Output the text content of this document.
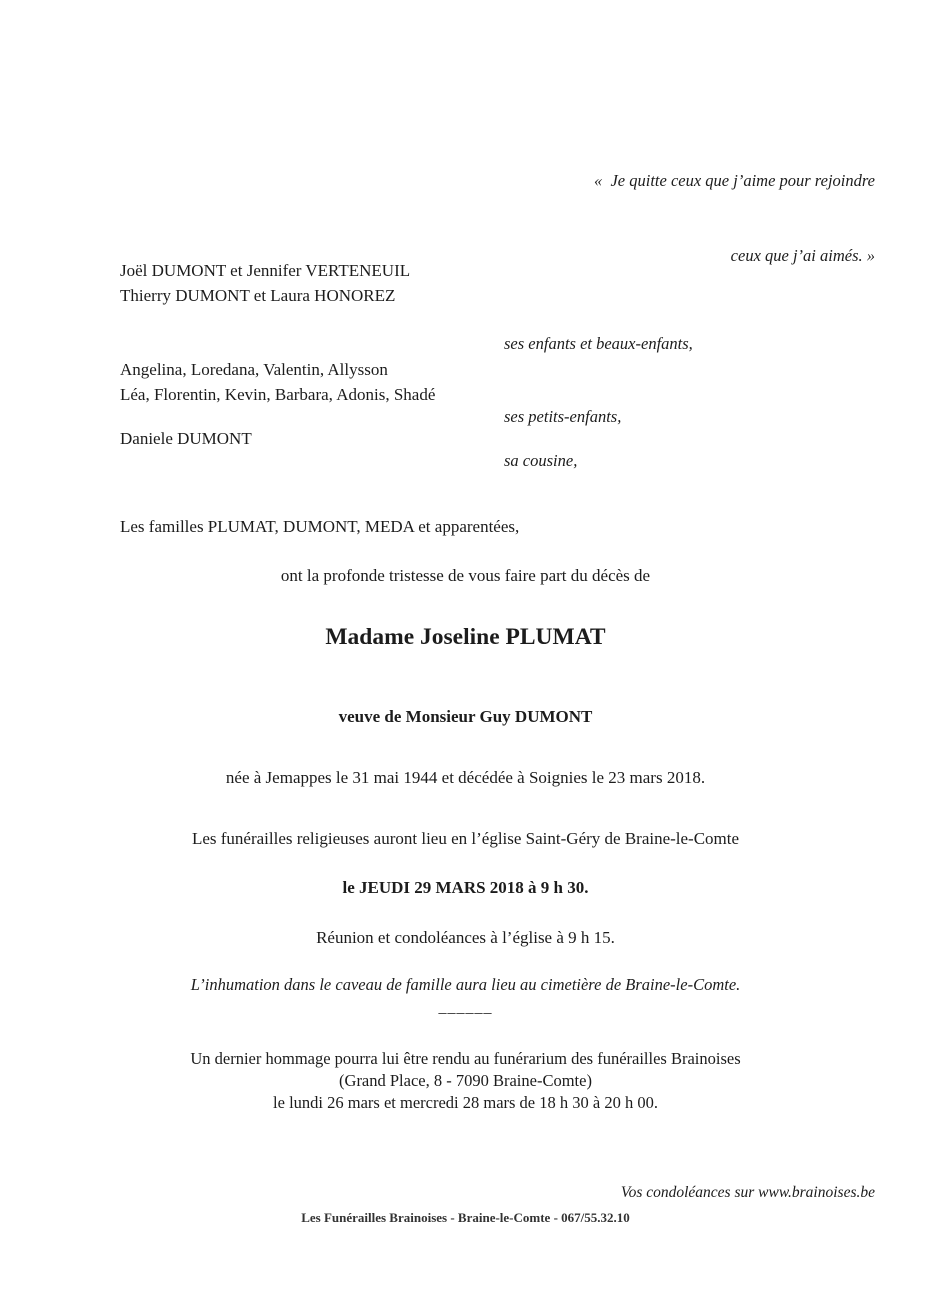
«  Je quitte ceux que j’aime pour rejoindre

ceux que j’ai aimés. »

Joël DUMONT et Jennifer VERTENEUIL
Thierry DUMONT et Laura HONOREZ
ses enfants et beaux-enfants,
Angelina, Loredana, Valentin, Allysson
Léa, Florentin, Kevin, Barbara, Adonis, Shadé
ses petits-enfants,
Daniele DUMONT
sa cousine,
Les familles PLUMAT, DUMONT, MEDA et apparentées,
ont la profonde tristesse de vous faire part du décès de
Madame Joseline PLUMAT
veuve de Monsieur Guy DUMONT
née à Jemappes le 31 mai 1944 et décédée à Soignies le 23 mars 2018.
Les funérailles religieuses auront lieu en l’église Saint-Géry de Braine-le-Comte
le JEUDI 29 MARS 2018 à 9 h 30.
Réunion et condoléances à l’église à 9 h 15.
L’inhumation dans le caveau de famille aura lieu au cimetière de Braine-le-Comte.
______
Un dernier hommage pourra lui être rendu au funérarium des funérailles Brainoises
(Grand Place, 8 - 7090 Braine-Comte)
le lundi 26 mars et mercredi 28 mars de 18 h 30 à 20 h 00.
Vos condoléances sur www.brainoises.be
Les Funérailles Brainoises - Braine-le-Comte - 067/55.32.10
